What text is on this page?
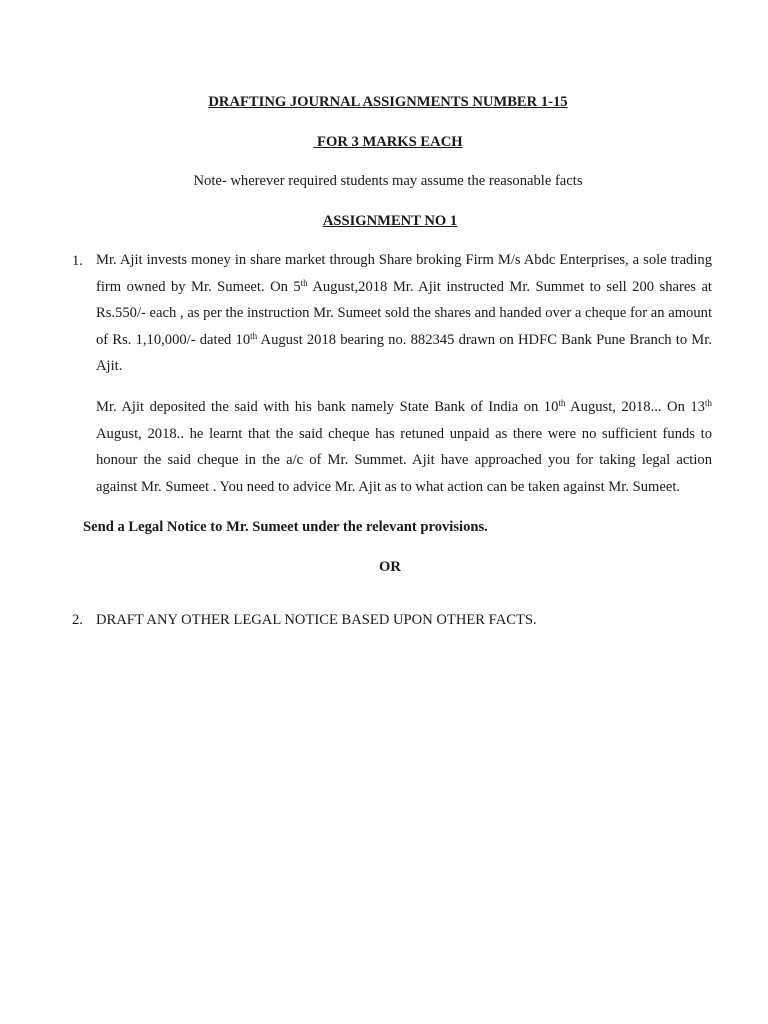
DRAFTING JOURNAL ASSIGNMENTS NUMBER 1-15
FOR 3 MARKS EACH
Note- wherever required students may assume the reasonable facts
ASSIGNMENT NO 1
1. Mr. Ajit invests money in share market through Share broking Firm M/s Abdc Enterprises, a sole trading firm owned by Mr. Sumeet. On 5th August,2018 Mr. Ajit instructed Mr. Summet to sell 200 shares at Rs.550/- each , as per the instruction Mr. Sumeet sold the shares and handed over a cheque for an amount of Rs. 1,10,000/- dated 10th August 2018 bearing no. 882345 drawn on HDFC Bank Pune Branch to Mr. Ajit.
Mr. Ajit deposited the said with his bank namely State Bank of India on 10th August, 2018... On 13th August, 2018.. he learnt that the said cheque has retuned unpaid as there were no sufficient funds to honour the said cheque in the a/c of Mr. Summet. Ajit have approached you for taking legal action against Mr. Sumeet . You need to advice Mr. Ajit as to what action can be taken against Mr. Sumeet.
Send a Legal Notice to Mr. Sumeet under the relevant provisions.
OR
2. DRAFT ANY OTHER LEGAL NOTICE BASED UPON OTHER FACTS.
